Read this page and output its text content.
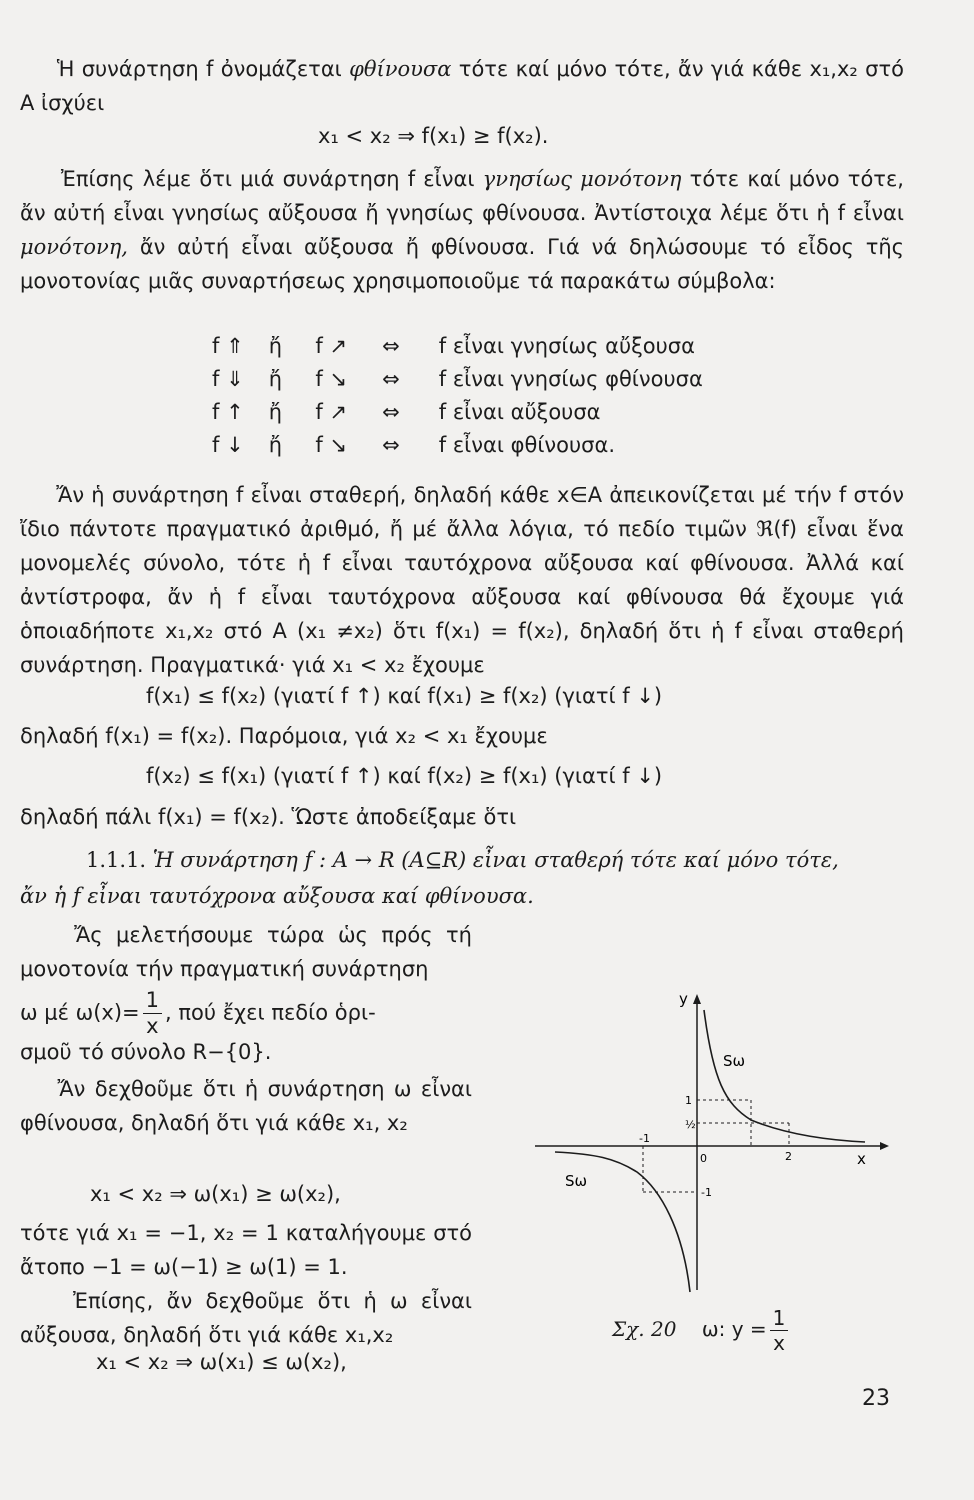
Ἡ συνάρτηση f ὀνομάζεται φθίνουσα τότε καί μόνο τότε, ἄν γιά κάθε x₁,x₂ στό A ἰσχύει

x₁ < x₂ ⇒ f(x₁) ≥ f(x₂).

Ἐπίσης λέμε ὅτι μιά συνάρτηση f εἶναι γνησίως μονότονη τότε καί μόνο τότε, ἄν αὐτή εἶναι γνησίως αὔξουσα ἤ γνησίως φθίνουσα. Ἀντίστοιχα λέμε ὅτι ἡ f εἶναι μονότονη, ἄν αὐτή εἶναι αὔξουσα ἤ φθίνουσα. Γιά νά δηλώσουμε τό εἶδος τῆς μονοτονίας μιᾶς συναρτήσεως χρησιμοποιοῦμε τά παρακάτω σύμβολα:

f ⇑ ἤ f ↗ ⇔ f εἶναι γνησίως αὔξουσα
f ⇓ ἤ f ↘ ⇔ f εἶναι γνησίως φθίνουσα
f ↑ ἤ f ↗ ⇔ f εἶναι αὔξουσα
f ↓ ἤ f ↘ ⇔ f εἶναι φθίνουσα.

Ἄν ἡ συνάρτηση f εἶναι σταθερή, δηλαδή κάθε x∈A ἀπεικονίζεται μέ τήν f στόν ἴδιο πάντοτε πραγματικό ἀριθμό, ἤ μέ ἄλλα λόγια, τό πεδίο τιμῶν ℜ(f) εἶναι ἕνα μονομελές σύνολο, τότε ἡ f εἶναι ταυτόχρονα αὔξουσα καί φθίνουσα. Ἀλλά καί ἀντίστροφα, ἄν ἡ f εἶναι ταυτόχρονα αὔξουσα καί φθίνουσα θά ἔχουμε γιά ὁποιαδήποτε x₁,x₂ στό A (x₁ ≠x₂) ὅτι f(x₁) = f(x₂), δηλαδή ὅτι ἡ f εἶναι σταθερή συνάρτηση. Πραγματικά· γιά x₁ < x₂ ἔχουμε

f(x₁) ≤ f(x₂) (γιατί f ↑) καί f(x₁) ≥ f(x₂) (γιατί f ↓)
δηλαδή f(x₁) = f(x₂). Παρόμοια, γιά x₂ < x₁ ἔχουμε
f(x₂) ≤ f(x₁) (γιατί f ↑) καί f(x₂) ≥ f(x₁) (γιατί f ↓)
δηλαδή πάλι f(x₁) = f(x₂). Ὥστε ἀποδείξαμε ὅτι
1.1.1. Ἡ συνάρτηση f : A → R (A⊆R) εἶναι σταθερή τότε καί μόνο τότε,
ἄν ἡ f εἶναι ταυτόχρονα αὔξουσα καί φθίνουσα.

Ἄς μελετήσουμε τώρα ὡς πρός τή μονοτονία τήν πραγματική συνάρτηση

ω μέ $\omega(x)= \frac{1}{x}$ , πού ἔχει πεδίο ὁρι-
σμοῦ τό σύνολο R−{0}.

Ἄν δεχθοῦμε ὅτι ἡ συνάρτηση ω εἶναι φθίνουσα, δηλαδή ὅτι γιά κάθε x₁, x₂

x₁ < x₂ ⇒ ω(x₁) ≥ ω(x₂),

τότε γιά x₁ = −1, x₂ = 1 καταλήγουμε στό ἄτοπο −1 = ω(−1) ≥ ω(1) = 1.

Ἐπίσης, ἄν δεχθοῦμε ὅτι ἡ ω εἶναι αὔξουσα, δηλαδή ὅτι γιά κάθε x₁,x₂

x₁ < x₂ ⇒ ω(x₁) ≤ ω(x₂),
y
x
Sω
Sω
1
½
-1
-1
0	2
Σχ. 20 ω: $y = \frac{1}{x}$
23
